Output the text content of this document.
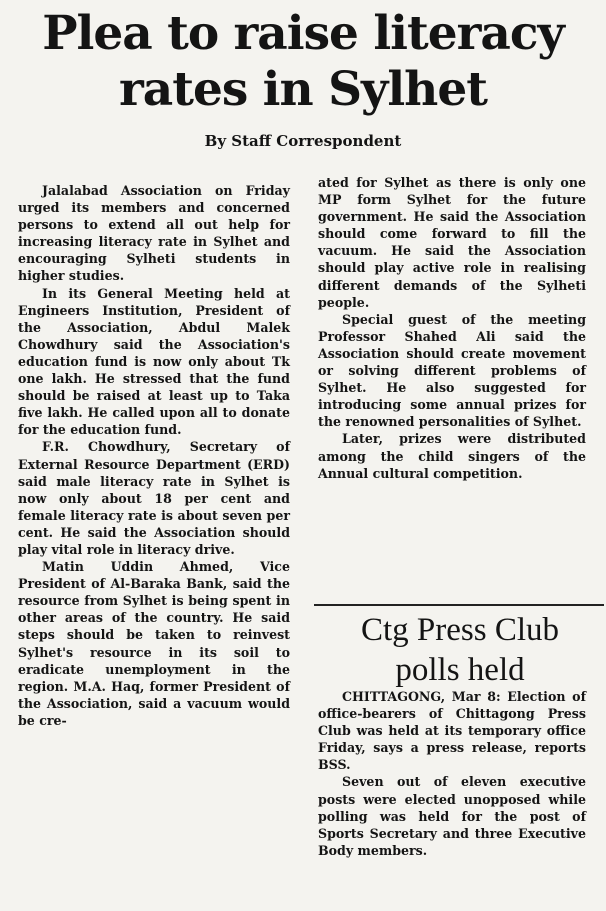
Plea to raise literacy
rates in Sylhet
By Staff Correspondent

Jalalabad Association on Friday urged its members and concerned persons to extend all out help for increasing literacy rate in Sylhet and encouraging Sylheti students in higher studies.

In its General Meeting held at Engineers Institution, President of the Association, Abdul Malek Chowdhury said the Association's education fund is now only about Tk one lakh. He stressed that the fund should be raised at least up to Taka five lakh. He called upon all to donate for the education fund.

F.R. Chowdhury, Secretary of External Resource Department (ERD) said male literacy rate in Sylhet is now only about 18 per cent and female literacy rate is about seven per cent. He said the Association should play vital role in literacy drive.

Matin Uddin Ahmed, Vice President of Al-Baraka Bank, said the resource from Sylhet is being spent in other areas of the country. He said steps should be taken to reinvest Sylhet's resource in its soil to eradicate unemployment in the region. M.A. Haq, former President of the Association, said a vacuum would be cre-

ated for Sylhet as there is only one MP form Sylhet for the future government. He said the Association should come forward to fill the vacuum. He said the Association should play active role in realising different demands of the Sylheti people.

Special guest of the meeting Professor Shahed Ali said the Association should create movement or solving different problems of Sylhet. He also suggested for introducing some annual prizes for the renowned personalities of Sylhet.

Later, prizes were distributed among the child singers of the Annual cultural competition.

Ctg Press Club
polls held

CHITTAGONG, Mar 8: Election of office-bearers of Chittagong Press Club was held at its temporary office Friday, says a press release, reports BSS.

Seven out of eleven executive posts were elected unopposed while polling was held for the post of Sports Secretary and three Executive Body members.
